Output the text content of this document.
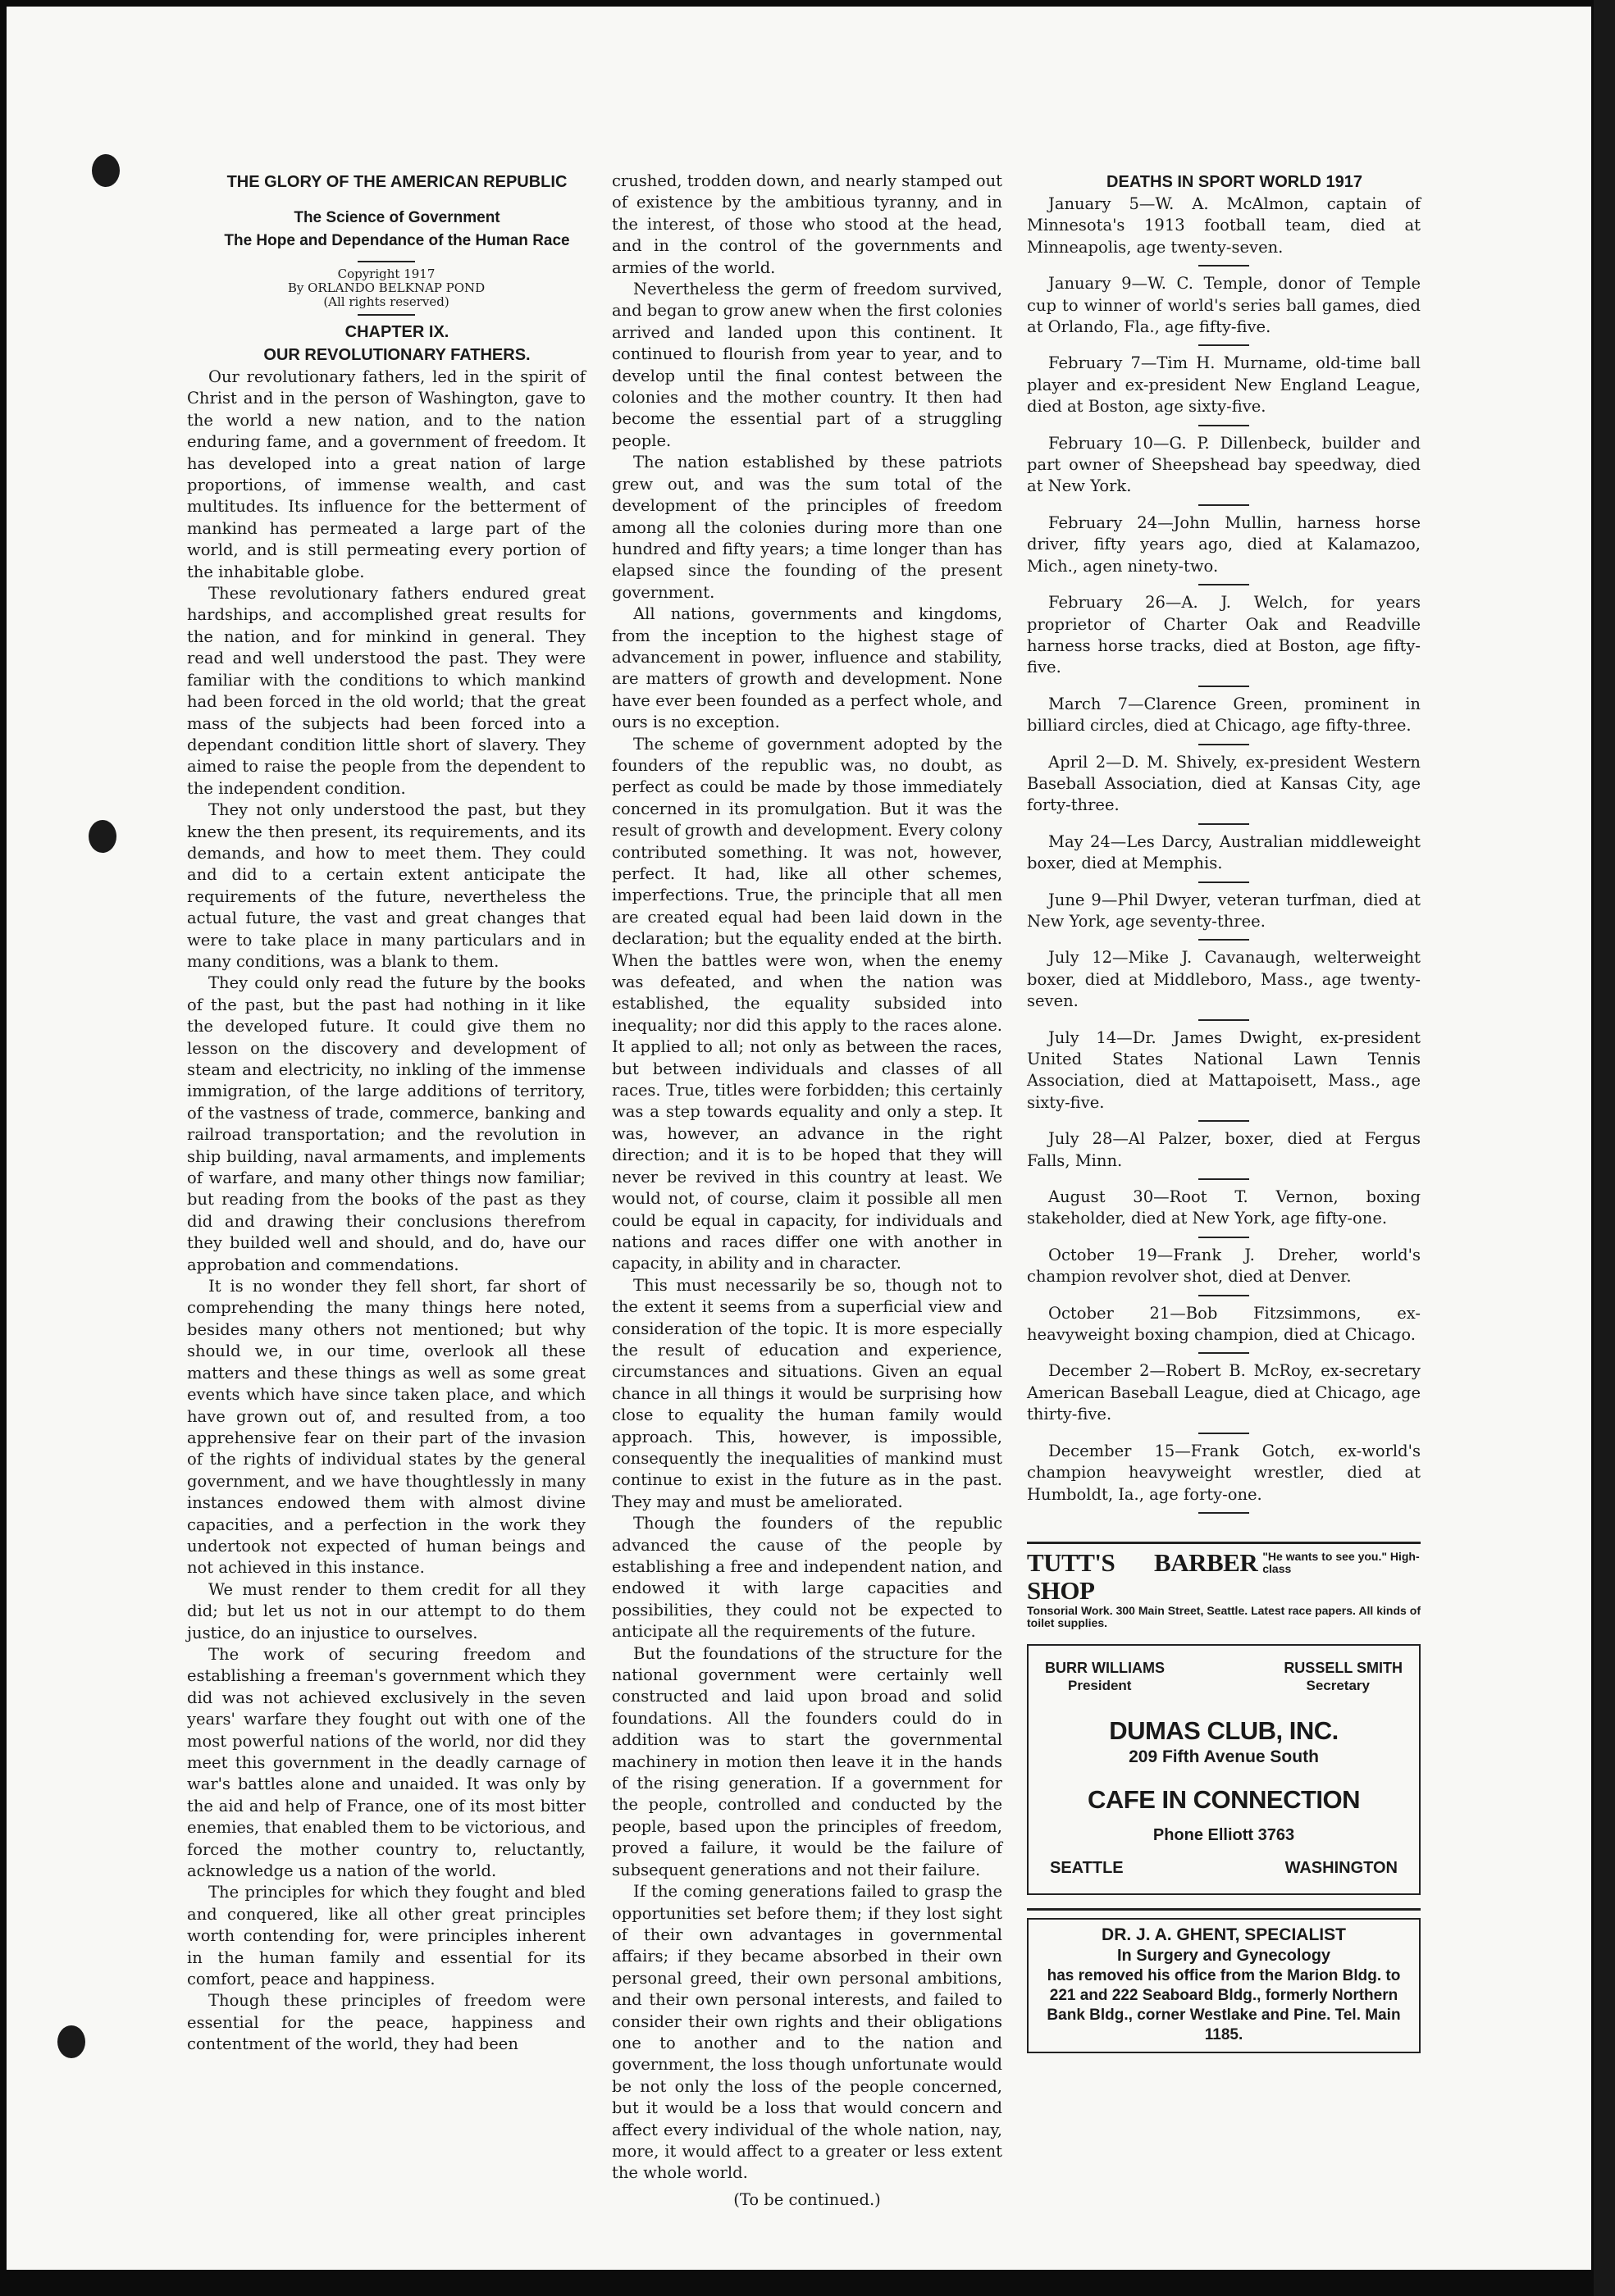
THE GLORY OF THE AMERICAN REPUBLIC

The Science of Government

The Hope and Dependance of the Human Race

Copyright 1917
By ORLANDO BELKNAP POND
(All rights reserved)

CHAPTER IX.

OUR REVOLUTIONARY FATHERS.

Our revolutionary fathers, led in the spirit of Christ and in the person of Washington, gave to the world a new nation, and to the nation enduring fame, and a government of freedom. It has developed into a great nation of large proportions, of immense wealth, and cast multitudes. Its influence for the betterment of mankind has permeated a large part of the world, and is still permeating every portion of the inhabitable globe.

These revolutionary fathers endured great hardships, and accomplished great results for the nation, and for minkind in general. They read and well understood the past. They were familiar with the conditions to which mankind had been forced in the old world; that the great mass of the subjects had been forced into a dependant condition little short of slavery. They aimed to raise the people from the dependent to the independent condition.

They not only understood the past, but they knew the then present, its requirements, and its demands, and how to meet them. They could and did to a certain extent anticipate the requirements of the future, nevertheless the actual future, the vast and great changes that were to take place in many particulars and in many conditions, was a blank to them.

They could only read the future by the books of the past, but the past had nothing in it like the developed future. It could give them no lesson on the discovery and development of steam and electricity, no inkling of the immense immigration, of the large additions of territory, of the vastness of trade, commerce, banking and railroad transportation; and the revolution in ship building, naval armaments, and implements of warfare, and many other things now familiar; but reading from the books of the past as they did and drawing their conclusions therefrom they builded well and should, and do, have our approbation and commendations.

It is no wonder they fell short, far short of comprehending the many things here noted, besides many others not mentioned; but why should we, in our time, overlook all these matters and these things as well as some great events which have since taken place, and which have grown out of, and resulted from, a too apprehensive fear on their part of the invasion of the rights of individual states by the general government, and we have thoughtlessly in many instances endowed them with almost divine capacities, and a perfection in the work they undertook not expected of human beings and not achieved in this instance.

We must render to them credit for all they did; but let us not in our attempt to do them justice, do an injustice to ourselves.

The work of securing freedom and establishing a freeman's government which they did was not achieved exclusively in the seven years' warfare they fought out with one of the most powerful nations of the world, nor did they meet this government in the deadly carnage of war's battles alone and unaided. It was only by the aid and help of France, one of its most bitter enemies, that enabled them to be victorious, and forced the mother country to, reluctantly, acknowledge us a nation of the world.

The principles for which they fought and bled and conquered, like all other great principles worth contending for, were principles inherent in the human family and essential for its comfort, peace and happiness.

Though these principles of freedom were essential for the peace, happiness and contentment of the world, they had been

crushed, trodden down, and nearly stamped out of existence by the ambitious tyranny, and in the interest, of those who stood at the head, and in the control of the governments and armies of the world.

Nevertheless the germ of freedom survived, and began to grow anew when the first colonies arrived and landed upon this continent. It continued to flourish from year to year, and to develop until the final contest between the colonies and the mother country. It then had become the essential part of a struggling people.

The nation established by these patriots grew out, and was the sum total of the development of the principles of freedom among all the colonies during more than one hundred and fifty years; a time longer than has elapsed since the founding of the present government.

All nations, governments and kingdoms, from the inception to the highest stage of advancement in power, influence and stability, are matters of growth and development. None have ever been founded as a perfect whole, and ours is no exception.

The scheme of government adopted by the founders of the republic was, no doubt, as perfect as could be made by those immediately concerned in its promulgation. But it was the result of growth and development. Every colony contributed something. It was not, however, perfect. It had, like all other schemes, imperfections. True, the principle that all men are created equal had been laid down in the declaration; but the equality ended at the birth. When the battles were won, when the enemy was defeated, and when the nation was established, the equality subsided into inequality; nor did this apply to the races alone. It applied to all; not only as between the races, but between individuals and classes of all races. True, titles were forbidden; this certainly was a step towards equality and only a step. It was, however, an advance in the right direction; and it is to be hoped that they will never be revived in this country at least. We would not, of course, claim it possible all men could be equal in capacity, for individuals and nations and races differ one with another in capacity, in ability and in character.

This must necessarily be so, though not to the extent it seems from a superficial view and consideration of the topic. It is more especially the result of education and experience, circumstances and situations. Given an equal chance in all things it would be surprising how close to equality the human family would approach. This, however, is impossible, consequently the inequalities of mankind must continue to exist in the future as in the past. They may and must be ameliorated.

Though the founders of the republic advanced the cause of the people by establishing a free and independent nation, and endowed it with large capacities and possibilities, they could not be expected to anticipate all the requirements of the future.

But the foundations of the structure for the national government were certainly well constructed and laid upon broad and solid foundations. All the founders could do in addition was to start the governmental machinery in motion then leave it in the hands of the rising generation. If a government for the people, controlled and conducted by the people, based upon the principles of freedom, proved a failure, it would be the failure of subsequent generations and not their failure.

If the coming generations failed to grasp the opportunities set before them; if they lost sight of their own advantages in governmental affairs; if they became absorbed in their own personal greed, their own personal ambitions, and their own personal interests, and failed to consider their own rights and their obligations one to another and to the nation and government, the loss though unfortunate would be not only the loss of the people concerned, but it would be a loss that would concern and affect every individual of the whole nation, nay, more, it would affect to a greater or less extent the whole world.

(To be continued.)

DEATHS IN SPORT WORLD 1917

January 5—W. A. McAlmon, captain of Minnesota's 1913 football team, died at Minneapolis, age twenty-seven.

January 9—W. C. Temple, donor of Temple cup to winner of world's series ball games, died at Orlando, Fla., age fifty-five.

February 7—Tim H. Murname, old-time ball player and ex-president New England League, died at Boston, age sixty-five.

February 10—G. P. Dillenbeck, builder and part owner of Sheepshead bay speedway, died at New York.

February 24—John Mullin, harness horse driver, fifty years ago, died at Kalamazoo, Mich., agen ninety-two.

February 26—A. J. Welch, for years proprietor of Charter Oak and Readville harness horse tracks, died at Boston, age fifty-five.

March 7—Clarence Green, prominent in billiard circles, died at Chicago, age fifty-three.

April 2—D. M. Shively, ex-president Western Baseball Association, died at Kansas City, age forty-three.

May 24—Les Darcy, Australian middleweight boxer, died at Memphis.

June 9—Phil Dwyer, veteran turfman, died at New York, age seventy-three.

July 12—Mike J. Cavanaugh, welterweight boxer, died at Middleboro, Mass., age twenty-seven.

July 14—Dr. James Dwight, ex-president United States National Lawn Tennis Association, died at Mattapoisett, Mass., age sixty-five.

July 28—Al Palzer, boxer, died at Fergus Falls, Minn.

August 30—Root T. Vernon, boxing stakeholder, died at New York, age fifty-one.

October 19—Frank J. Dreher, world's champion revolver shot, died at Denver.

October 21—Bob Fitzsimmons, ex-heavyweight boxing champion, died at Chicago.

December 2—Robert B. McRoy, ex-secretary American Baseball League, died at Chicago, age thirty-five.

December 15—Frank Gotch, ex-world's champion heavyweight wrestler, died at Humboldt, Ia., age forty-one.

TUTT'S BARBER SHOP
"He wants to see you." High-class
Tonsorial Work. 300 Main Street, Seattle. Latest race papers. All kinds of toilet supplies.
BURR WILLIAMS	RUSSELL SMITH
President	Secretary
DUMAS CLUB, INC.
209 Fifth Avenue South
CAFE IN CONNECTION
Phone Elliott 3763
SEATTLE	WASHINGTON
DR. J. A. GHENT, SPECIALIST
In Surgery and Gynecology
has removed his office from the Marion Bldg. to 221 and 222 Seaboard Bldg., formerly Northern Bank Bldg., corner Westlake and Pine. Tel. Main 1185.
